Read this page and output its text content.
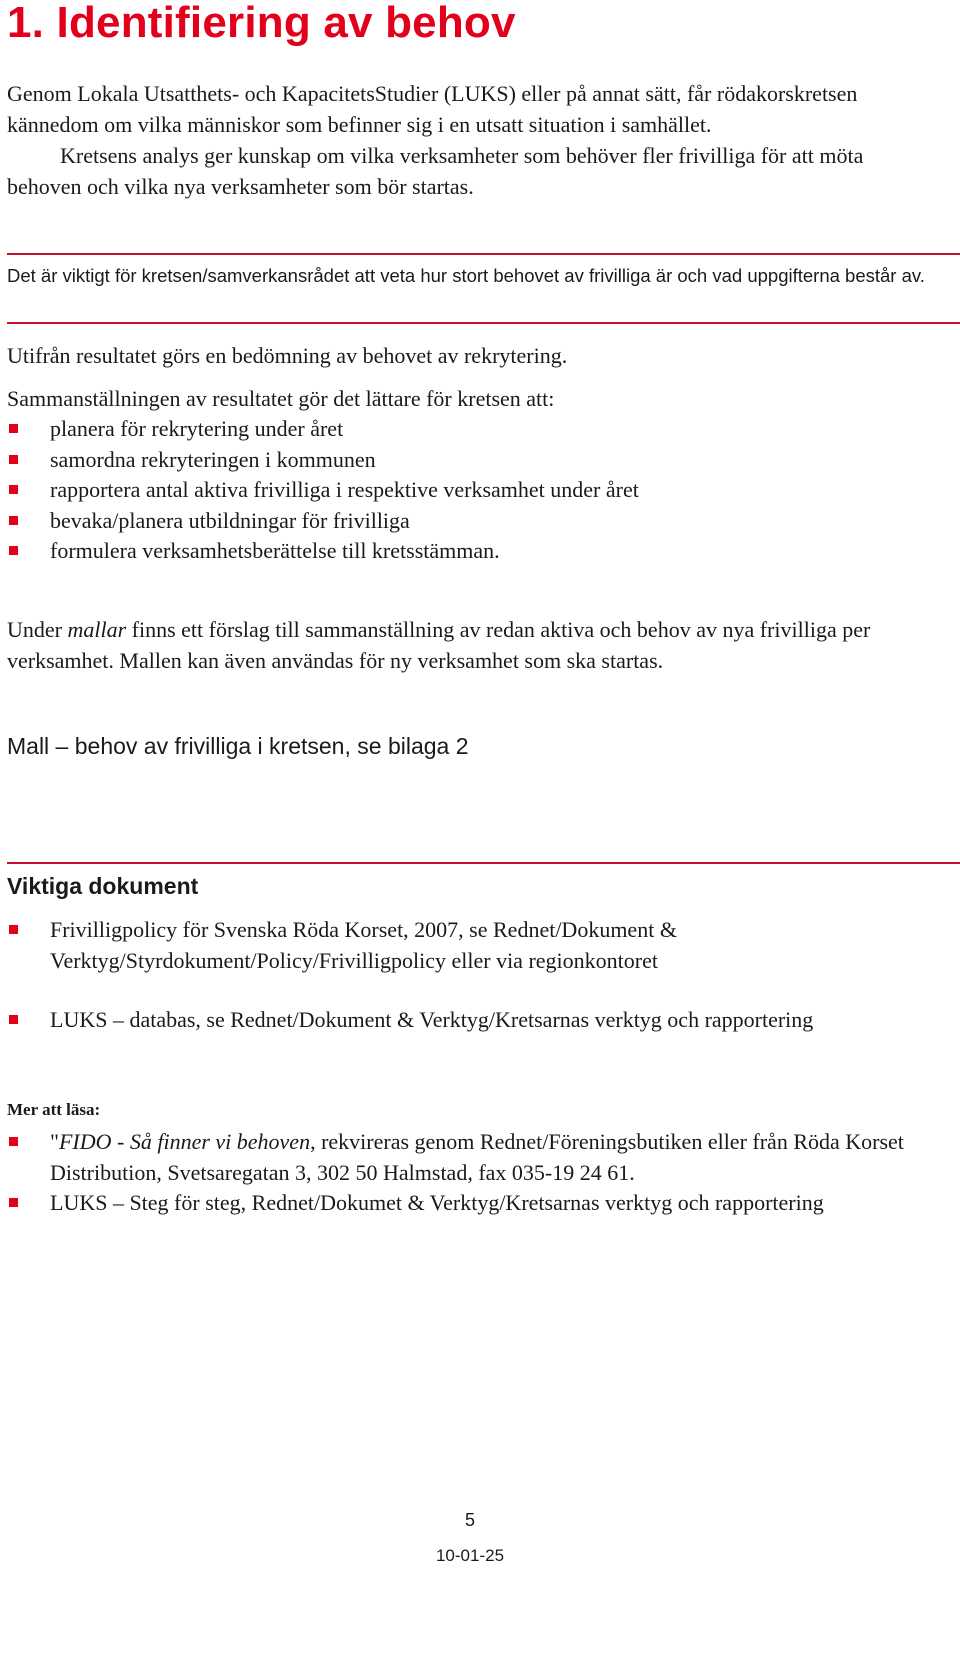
1. Identifiering av behov

Genom Lokala Utsatthets- och KapacitetsStudier (LUKS) eller på annat sätt, får rödakorskretsen kännedom om vilka människor som befinner sig i en utsatt situation i samhället.

Kretsens analys ger kunskap om vilka verksamheter som behöver fler frivilliga för att möta behoven och vilka nya verksamheter som bör startas.

Det är viktigt för kretsen/samverkansrådet att veta hur stort behovet av frivilliga är och vad uppgifterna består av.
Utifrån resultatet görs en bedömning av behovet av rekrytering.

Sammanställningen av resultatet gör det lättare för kretsen att:

planera för rekrytering under året
samordna rekryteringen i kommunen
rapportera antal aktiva frivilliga i respektive verksamhet under året
bevaka/planera utbildningar för frivilliga
formulera verksamhetsberättelse till kretsstämman.

Under mallar finns ett förslag till sammanställning av redan aktiva och behov av nya frivilliga per verksamhet. Mallen kan även användas för ny verksamhet som ska startas.

Mall – behov av frivilliga i kretsen, se bilaga 2
Viktiga dokument
Frivilligpolicy för Svenska Röda Korset, 2007, se Rednet/Dokument & Verktyg/Styrdokument/Policy/Frivilligpolicy eller via regionkontoret
LUKS – databas, se Rednet/Dokument & Verktyg/Kretsarnas verktyg och rapportering
Mer att läsa:
"FIDO - Så finner vi behoven, rekvireras genom Rednet/Föreningsbutiken eller från Röda Korset Distribution, Svetsaregatan 3, 302 50 Halmstad, fax 035-19 24 61.
LUKS – Steg för steg, Rednet/Dokumet & Verktyg/Kretsarnas verktyg och rapportering
5
10-01-25
